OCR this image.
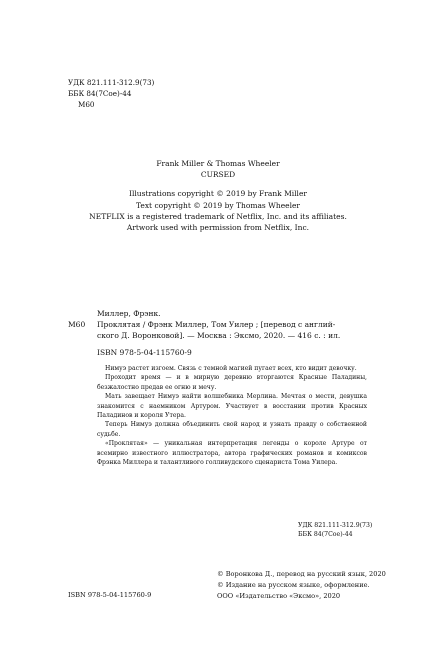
УДК 821.111-312.9(73)
ББК 84(7Сое)-44
М60
Frank Miller & Thomas Wheeler
CURSED
Illustrations copyright © 2019 by Frank Miller
Text copyright © 2019 by Thomas Wheeler
NETFLIX is a registered trademark of Netflix, Inc. and its affiliates.
Artwork used with permission from Netflix, Inc.
Миллер, Фрэнк.
М60	Проклятая / Фрэнк Миллер, Том Уилер ; [перевод с англий-
ского Д. Воронковой]. — Москва : Эксмо, 2020. — 416 с. : ил.
ISBN 978-5-04-115760-9

Нимуэ растет изгоем. Связь с темной магией пугает всех, кто видит девочку.

Проходит время — и в мирную деревню вторгаются Красные Паладины, безжалостно предав ее огню и мечу.

Мать завещает Нимуэ найти волшебника Мерлина. Мечтая о мести, девушка знакомится с наемником Артуром. Участвует в восстании против Красных Паладинов и короля Утера.

Теперь Нимуэ должна объединить свой народ и узнать правду о собственной судьбе.

«Проклятая» — уникальная интерпретация легенды о короле Артуре от всемирно известного иллюстратора, автора графических романов и комиксов Фрэнка Миллера и талантливого голливудского сценариста Тома Уилера.

УДК 821.111-312.9(73)
ББК 84(7Сое)-44
© Воронкова Д., перевод на русский язык, 2020
© Издание на русском языке, оформление.
ООО «Издательство «Эксмо», 2020
ISBN 978-5-04-115760-9
